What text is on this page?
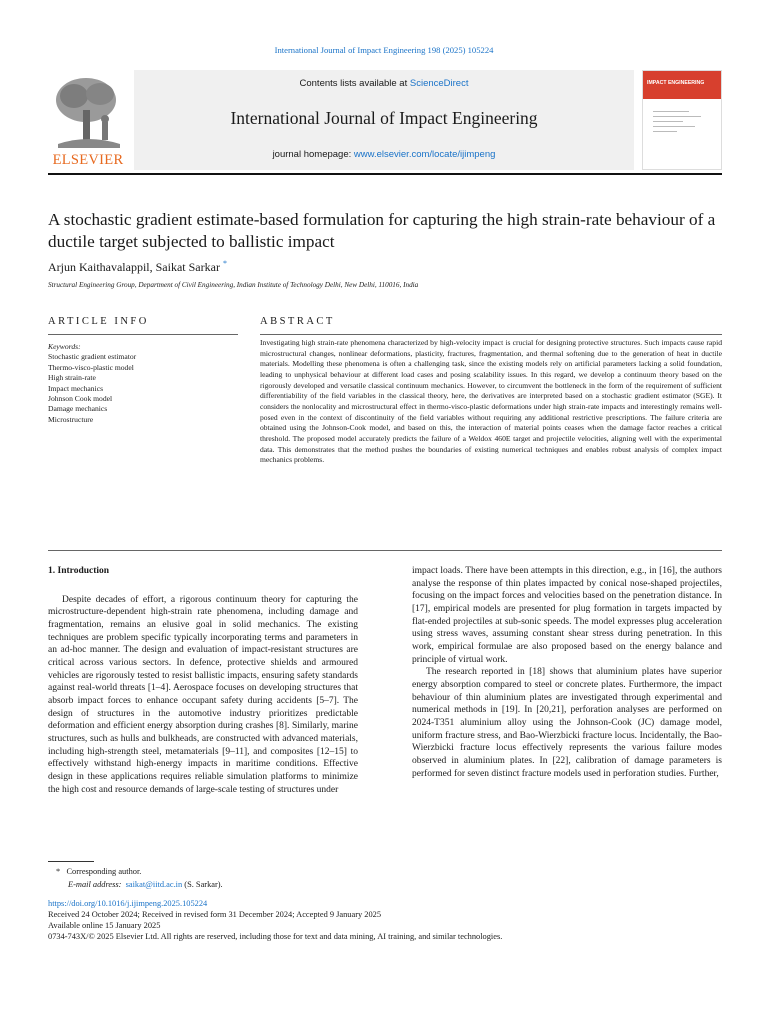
International Journal of Impact Engineering 198 (2025) 105224
ELSEVIER
Contents lists available at ScienceDirect
International Journal of Impact Engineering
journal homepage: www.elsevier.com/locate/ijimpeng
IMPACT ENGINEERING
A stochastic gradient estimate-based formulation for capturing the high strain-rate behaviour of a ductile target subjected to ballistic impact
Arjun Kaithavalappil, Saikat Sarkar *
Structural Engineering Group, Department of Civil Engineering, Indian Institute of Technology Delhi, New Delhi, 110016, India
ARTICLE INFO	ABSTRACT
Keywords:
Stochastic gradient estimator
Thermo-visco-plastic model
High strain-rate
Impact mechanics
Johnson Cook model
Damage mechanics
Microstructure
Investigating high strain-rate phenomena characterized by high-velocity impact is crucial for designing protective structures. Such impacts cause rapid microstructural changes, nonlinear deformations, plasticity, fractures, fragmentation, and thermal softening due to the generation of heat in ductile materials. Modelling these phenomena is often a challenging task, since the existing models rely on artificial parameters lacking a solid foundation, leading to unphysical behaviour at different load cases and posing scalability issues. In this regard, we develop a continuum theory based on the rigorously developed and versatile classical continuum mechanics. However, to circumvent the bottleneck in the form of the requirement of sufficient differentiability of the field variables in the classical theory, here, the derivatives are interpreted based on a stochastic gradient estimator (SGE). It considers the nonlocality and microstructural effect in thermo-visco-plastic deformations under high strain-rate impacts and interestingly remains well-posed even in the context of discontinuity of the field variables without requiring any additional restrictive prescriptions. The failure criteria are obtained using the Johnson-Cook model, and based on this, the interaction of material points ceases when the damage factor reaches a critical threshold. The proposed model accurately predicts the failure of a Weldox 460E target and projectile velocities, aligning well with the experimental data. This demonstrates that the method pushes the boundaries of existing numerical techniques and enables robust analysis of complex impact mechanics problems.
1. Introduction

Despite decades of effort, a rigorous continuum theory for capturing the microstructure-dependent high-strain rate phenomena, including damage and fragmentation, remains an elusive goal in solid mechanics. The existing techniques are problem specific typically incorporating terms and parameters in an ad-hoc manner. The design and evaluation of impact-resistant structures are critical across various sectors. In defence, protective shields and armoured vehicles are rigorously tested to resist ballistic impacts, ensuring safety standards against real-world threats [1–4]. Aerospace focuses on developing structures that absorb impact forces to enhance occupant safety during accidents [5–7]. The design of structures in the automotive industry prioritizes predictable deformation and efficient energy absorption during crashes [8]. Similarly, marine structures, such as hulls and bulkheads, are constructed with advanced materials, including high-strength steel, metamaterials [9–11], and composites [12–15] to effectively withstand high-energy impacts in maritime conditions. Effective design in these applications requires reliable simulation platforms to minimize the high cost and resource demands of large-scale testing of structures under

impact loads. There have been attempts in this direction, e.g., in [16], the authors analyse the response of thin plates impacted by conical nose-shaped projectiles, focusing on the impact forces and velocities based on the penetration distance. In [17], empirical models are presented for plug formation in targets impacted by flat-ended projectiles at sub-sonic speeds. The model expresses plug acceleration using stress waves, assuming constant shear stress during penetration. In this work, empirical formulae are also proposed based on the energy balance and principle of virtual work.

The research reported in [18] shows that aluminium plates have superior energy absorption compared to steel or concrete plates. Furthermore, the impact behaviour of thin aluminium plates are investigated through experimental and numerical methods in [19]. In [20,21], perforation analyses are performed on 2024-T351 aluminium alloy using the Johnson-Cook (JC) damage model, uniform fracture stress, and Bao-Wierzbicki fracture locus. Incidentally, the Bao-Wierzbicki fracture locus effectively represents the various failure modes observed in aluminium plates. In [22], calibration of damage parameters is performed for seven distinct fracture models used in perforation studies. Further,

* Corresponding author.
E-mail address: saikat@iitd.ac.in (S. Sarkar).
https://doi.org/10.1016/j.ijimpeng.2025.105224
Received 24 October 2024; Received in revised form 31 December 2024; Accepted 9 January 2025
Available online 15 January 2025
0734-743X/© 2025 Elsevier Ltd. All rights are reserved, including those for text and data mining, AI training, and similar technologies.
